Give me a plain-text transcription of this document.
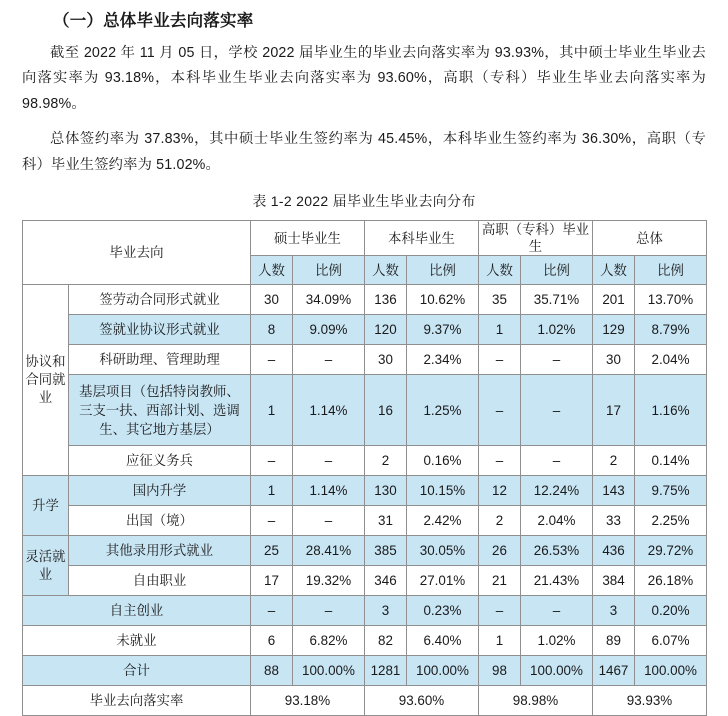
（一）总体毕业去向落实率

截至 2022 年 11 月 05 日，学校 2022 届毕业生的毕业去向落实率为 93.93%，其中硕士毕业生毕业去向落实率为 93.18%，本科毕业生毕业去向落实率为 93.60%，高职（专科）毕业生毕业去向落实率为 98.98%。

总体签约率为 37.83%，其中硕士毕业生签约率为 45.45%，本科毕业生签约率为 36.30%，高职（专科）毕业生签约率为 51.02%。

表 1-2 2022 届毕业生毕业去向分布
毕业去向		硕士毕业生		本科毕业生		高职（专科）毕业生		总体	
		人数	比例	人数	比例	人数	比例	人数	比例
协议和合同就业	签劳动合同形式就业	30	34.09%	136	10.62%	35	35.71%	201	13.70%
	签就业协议形式就业	8	9.09%	120	9.37%	1	1.02%	129	8.79%
	科研助理、管理助理	–	–	30	2.34%	–	–	30	2.04%

	基层项目（包括特岗教师、
三支一扶、西部计划、选调
生、其它地方基层）	1	1.14%	16	1.25%	–	–	17	1.16%
	应征义务兵	–	–	2	0.16%	–	–	2	0.14%
升学	国内升学	1	1.14%	130	10.15%	12	12.24%	143	9.75%
	出国（境）	–	–	31	2.42%	2	2.04%	33	2.25%
灵活就业	其他录用形式就业	25	28.41%	385	30.05%	26	26.53%	436	29.72%
	自由职业	17	19.32%	346	27.01%	21	21.43%	384	26.18%
自主创业		–	–	3	0.23%	–	–	3	0.20%
未就业		6	6.82%	82	6.40%	1	1.02%	89	6.07%
合计		88	100.00%	1281	100.00%	98	100.00%	1467	100.00%
毕业去向落实率		93.18%		93.60%		98.98%		93.93%	
